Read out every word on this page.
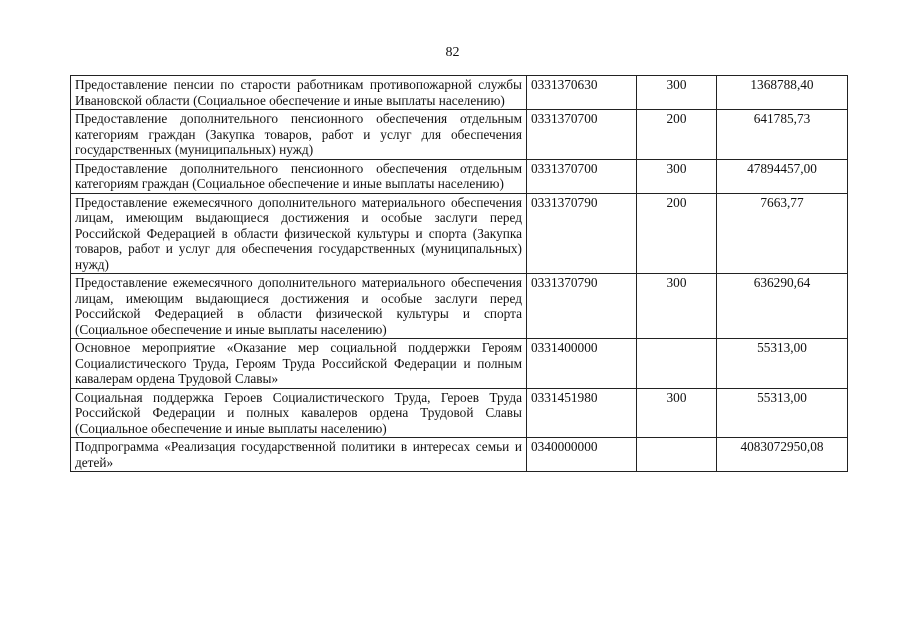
82
Предоставление пенсии по старости работникам противопожарной службы Ивановской области (Социальное обеспечение и иные выплаты населению)	0331370630	300	1368788,40
Предоставление дополнительного пенсионного обеспечения отдельным категориям граждан (Закупка товаров, работ и услуг для обеспечения государственных (муниципальных) нужд)	0331370700	200	641785,73
Предоставление дополнительного пенсионного обеспечения отдельным категориям граждан (Социальное обеспечение и иные выплаты населению)	0331370700	300	47894457,00
Предоставление ежемесячного дополнительного материального обеспечения лицам, имеющим выдающиеся достижения и особые заслуги перед Российской Федерацией в области физической культуры и спорта (Закупка товаров, работ и услуг для обеспечения государственных (муниципальных) нужд)	0331370790	200	7663,77
Предоставление ежемесячного дополнительного материального обеспечения лицам, имеющим выдающиеся достижения и особые заслуги перед Российской Федерацией в области физической культуры и спорта (Социальное обеспечение и иные выплаты населению)	0331370790	300	636290,64
Основное мероприятие «Оказание мер социальной поддержки Героям Социалистического Труда, Героям Труда Российской Федерации и полным кавалерам ордена Трудовой Славы»	0331400000		55313,00
Социальная поддержка Героев Социалистического Труда, Героев Труда Российской Федерации и полных кавалеров ордена Трудовой Славы (Социальное обеспечение и иные выплаты населению)	0331451980	300	55313,00
Подпрограмма «Реализация государственной политики в интересах семьи и детей»	0340000000		4083072950,08
